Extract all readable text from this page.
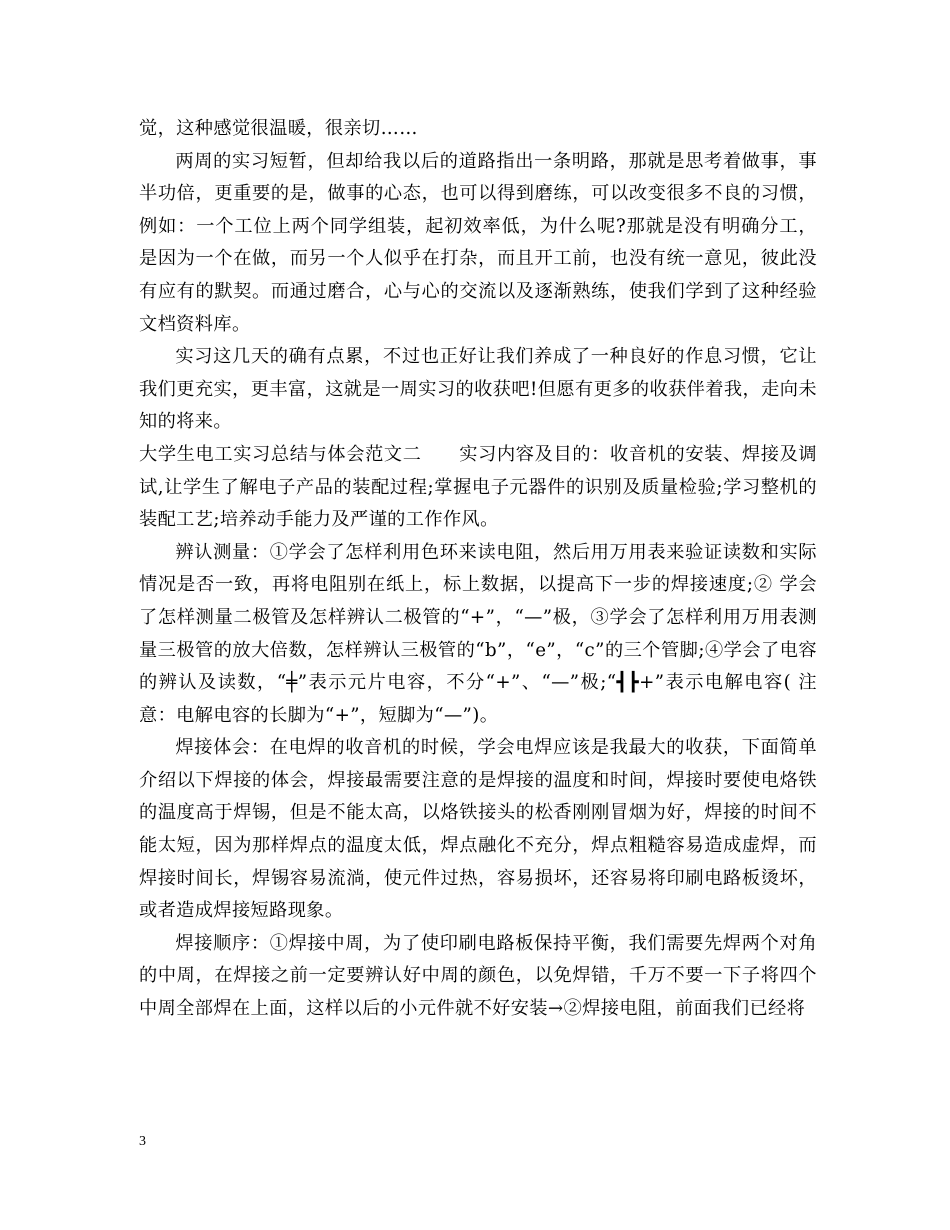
觉，这种感觉很温暖，很亲切……

两周的实习短暂，但却给我以后的道路指出一条明路，那就是思考着做事，事半功倍，更重要的是，做事的心态，也可以得到磨练，可以改变很多不良的习惯，例如：一个工位上两个同学组装，起初效率低，为什么呢?那就是没有明确分工，是因为一个在做，而另一个人似乎在打杂，而且开工前，也没有统一意见，彼此没有应有的默契。而通过磨合，心与心的交流以及逐渐熟练，使我们学到了这种经验文档资料库。

实习这几天的确有点累，不过也正好让我们养成了一种良好的作息习惯，它让我们更充实，更丰富，这就是一周实习的收获吧!但愿有更多的收获伴着我，走向未知的将来。

大学生电工实习总结与体会范文二　　实习内容及目的：收音机的安装、焊接及调试,让学生了解电子产品的装配过程;掌握电子元器件的识别及质量检验;学习整机的装配工艺;培养动手能力及严谨的工作作风。

辨认测量：①学会了怎样利用色环来读电阻，然后用万用表来验证读数和实际情况是否一致，再将电阻别在纸上，标上数据，以提高下一步的焊接速度;② 学会了怎样测量二极管及怎样辨认二极管的“+”，“—”极，③学会了怎样利用万用表测量三极管的放大倍数，怎样辨认三极管的“b”，“e”，“c”的三个管脚;④学会了电容的辨认及读数，“╪”表示元片电容，不分“+”、“—”极;“┫┣+”表示电解电容( 注意：电解电容的长脚为“+”，短脚为“—”)。

焊接体会：在电焊的收音机的时候，学会电焊应该是我最大的收获，下面简单介绍以下焊接的体会，焊接最需要注意的是焊接的温度和时间，焊接时要使电烙铁的温度高于焊锡，但是不能太高，以烙铁接头的松香刚刚冒烟为好，焊接的时间不能太短，因为那样焊点的温度太低，焊点融化不充分，焊点粗糙容易造成虚焊，而焊接时间长，焊锡容易流淌，使元件过热，容易损坏，还容易将印刷电路板烫坏，或者造成焊接短路现象。

焊接顺序：①焊接中周，为了使印刷电路板保持平衡，我们需要先焊两个对角的中周，在焊接之前一定要辨认好中周的颜色，以免焊错，千万不要一下子将四个中周全部焊在上面，这样以后的小元件就不好安装→②焊接电阻，前面我们已经将

3
